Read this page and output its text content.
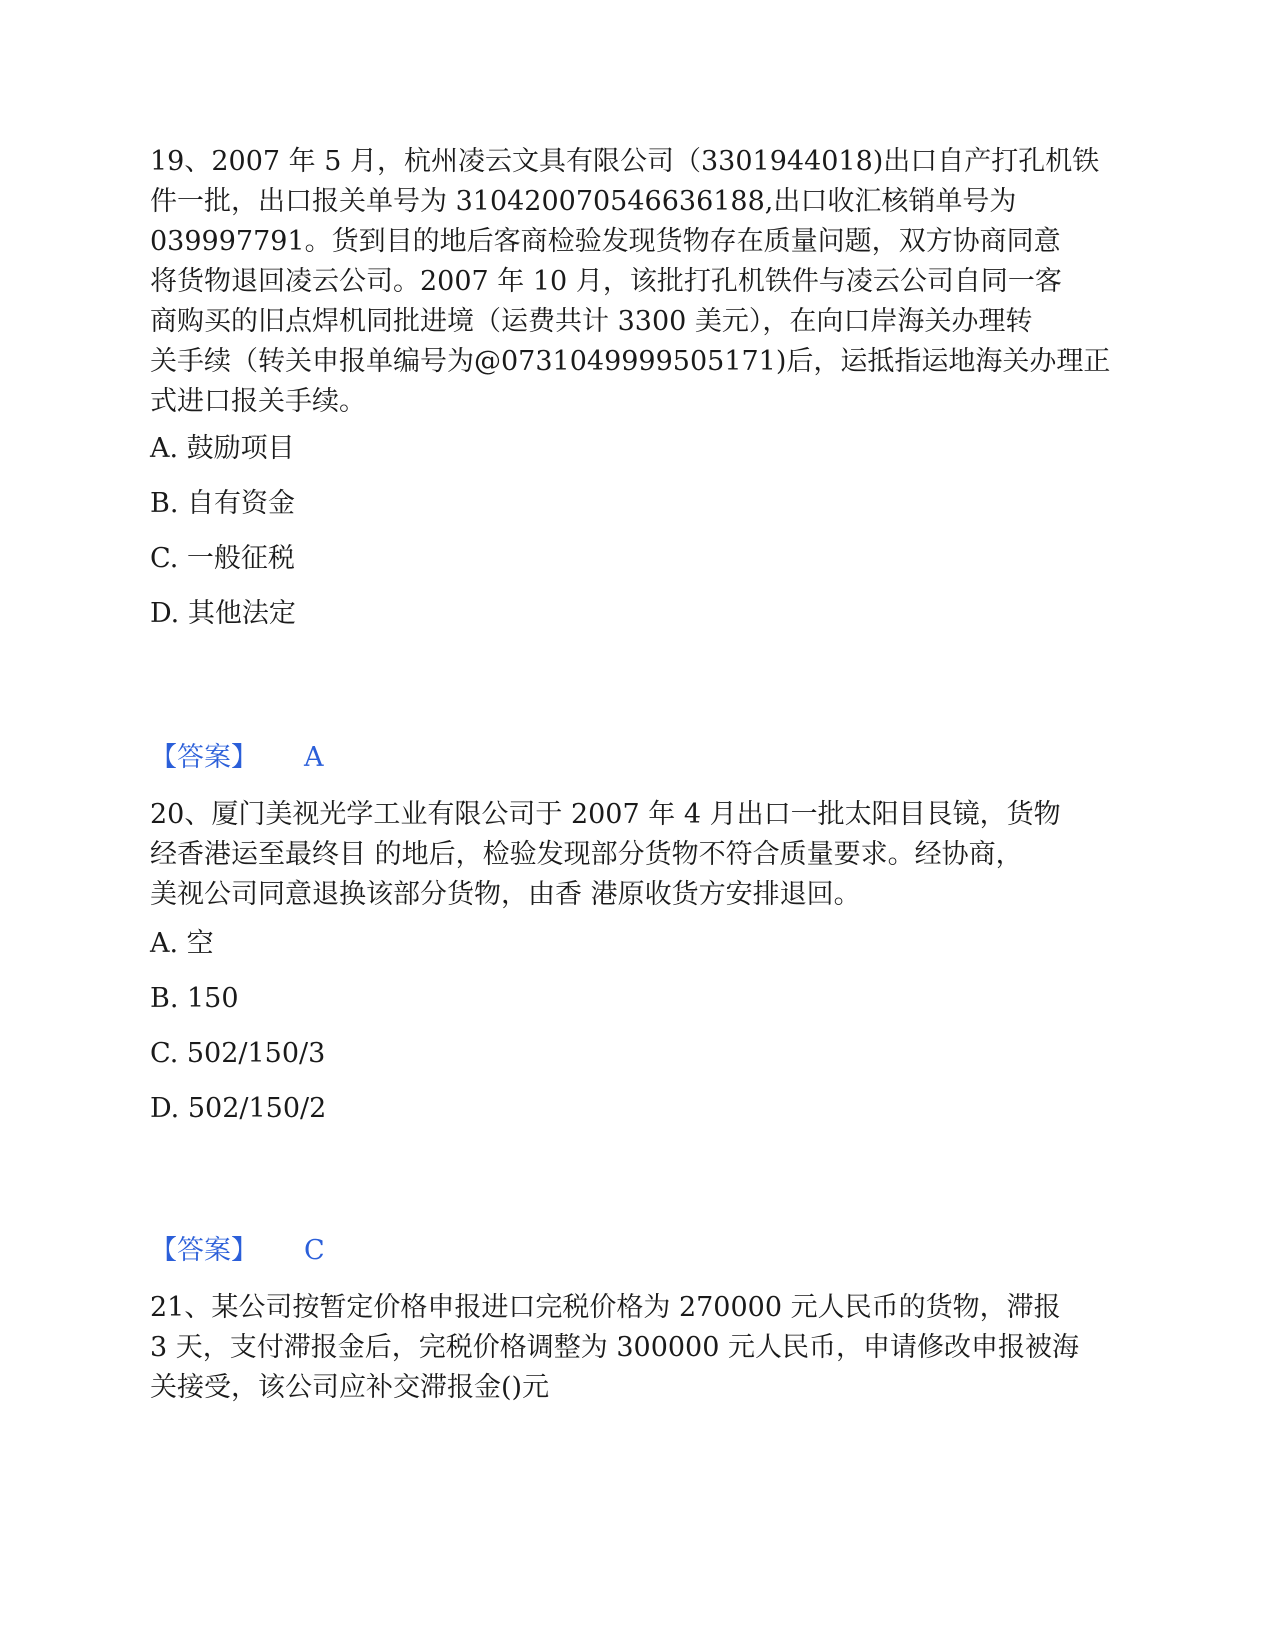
19、2007 年 5 月，杭州凌云文具有限公司（3301944018)出口自产打孔机铁
件一批，出口报关单号为 310420070546636188,出口收汇核销单号为
039997791。货到目的地后客商检验发现货物存在质量问题，双方协商同意
将货物退回凌云公司。2007 年 10 月，该批打孔机铁件与凌云公司自同一客
商购买的旧点焊机同批进境（运费共计 3300 美元），在向口岸海关办理转
关手续（转关申报单编号为@0731049999505171)后，运抵指运地海关办理正
式进口报关手续。

A. 鼓励项目
B. 自有资金
C. 一般征税
D. 其他法定
【答案】 A

20、厦门美视光学工业有限公司于 2007 年 4 月出口一批太阳目艮镜，货物
经香港运至最终目 的地后，检验发现部分货物不符合质量要求。经协商，
美视公司同意退换该部分货物，由香 港原收货方安排退回。

A. 空
B. 150
C. 502/150/3
D. 502/150/2
【答案】 C

21、某公司按暂定价格申报进口完税价格为 270000 元人民币的货物，滞报
3 天，支付滞报金后，完税价格调整为 300000 元人民币，申请修改申报被海
关接受，该公司应补交滞报金()元
